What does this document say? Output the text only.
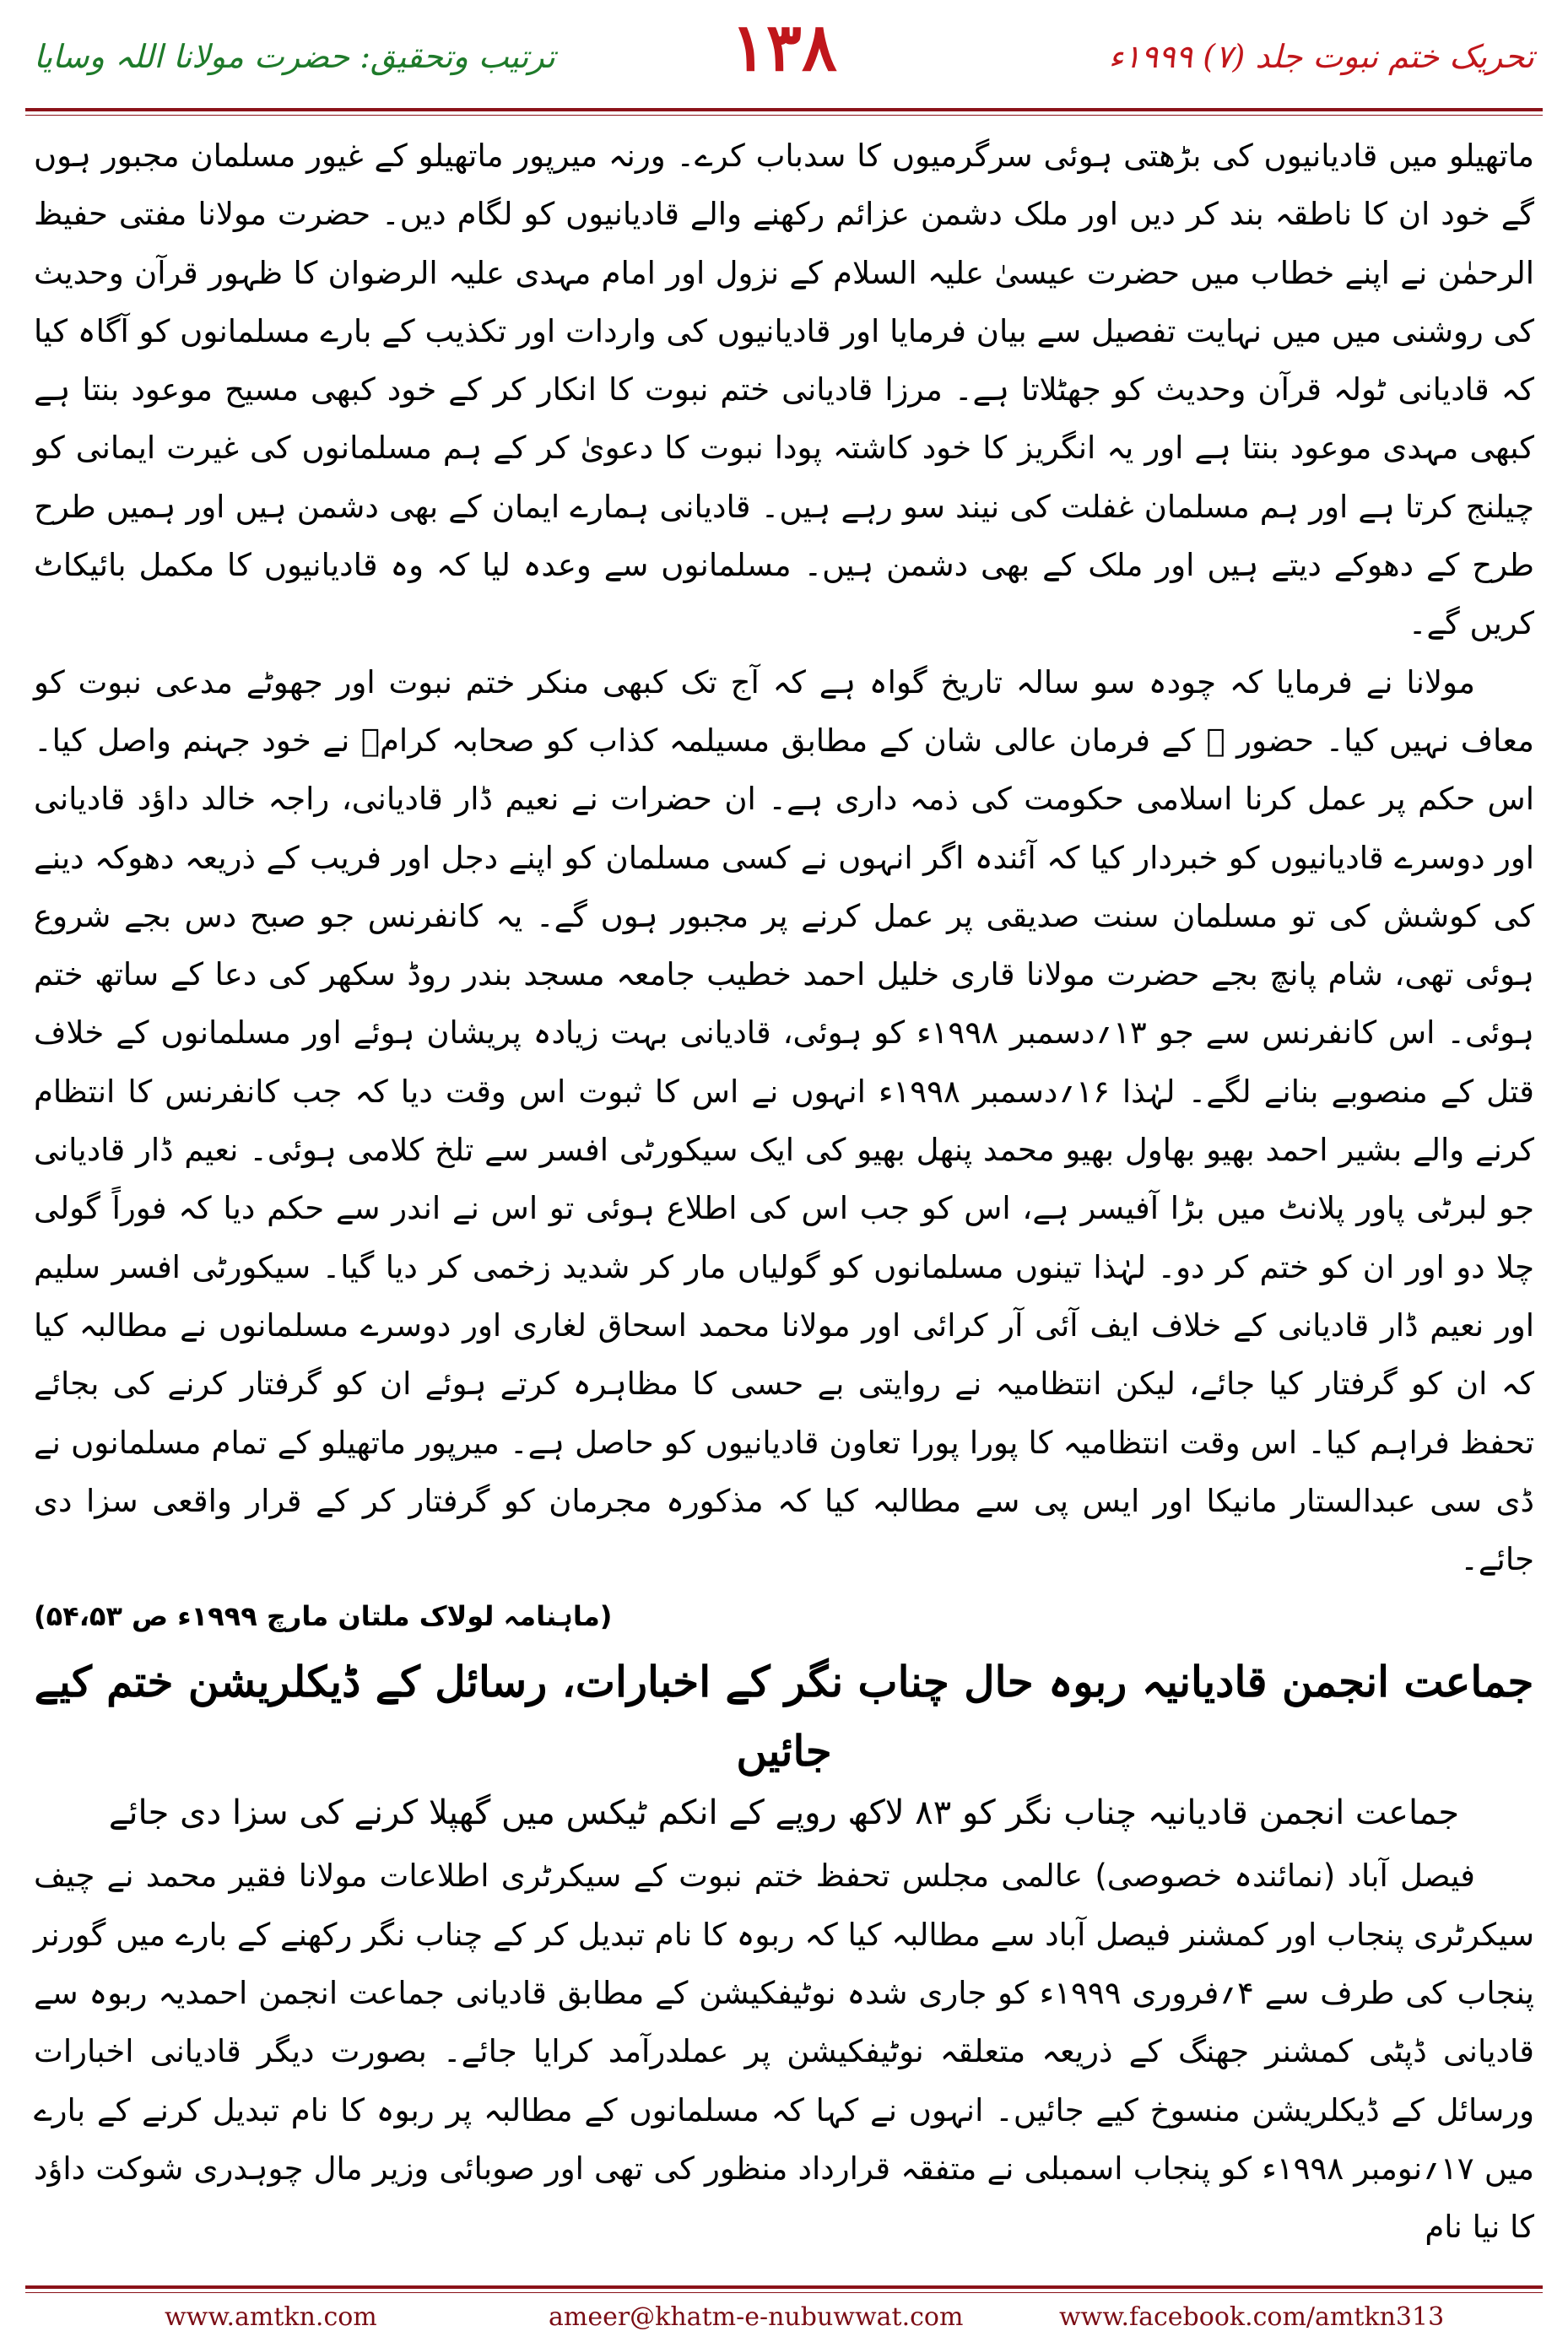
ترتیب وتحقیق: حضرت مولانا اللہ وسایا	۱۳۸	تحریک ختم نبوت جلد (۷) ۱۹۹۹ء

ماتھیلو میں قادیانیوں کی بڑھتی ہوئی سرگرمیوں کا سدباب کرے۔ ورنہ میرپور ماتھیلو کے غیور مسلمان مجبور ہوں گے خود ان کا ناطقہ بند کر دیں اور ملک دشمن عزائم رکھنے والے قادیانیوں کو لگام دیں۔ حضرت مولانا مفتی حفیظ الرحمٰن نے اپنے خطاب میں حضرت عیسیٰ علیہ السلام کے نزول اور امام مہدی علیہ الرضوان کا ظہور قرآن وحدیث کی روشنی میں میں نہایت تفصیل سے بیان فرمایا اور قادیانیوں کی واردات اور تکذیب کے بارے مسلمانوں کو آگاہ کیا کہ قادیانی ٹولہ قرآن وحدیث کو جھٹلاتا ہے۔ مرزا قادیانی ختم نبوت کا انکار کر کے خود کبھی مسیح موعود بنتا ہے کبھی مہدی موعود بنتا ہے اور یہ انگریز کا خود کاشتہ پودا نبوت کا دعویٰ کر کے ہم مسلمانوں کی غیرت ایمانی کو چیلنج کرتا ہے اور ہم مسلمان غفلت کی نیند سو رہے ہیں۔ قادیانی ہمارے ایمان کے بھی دشمن ہیں اور ہمیں طرح طرح کے دھوکے دیتے ہیں اور ملک کے بھی دشمن ہیں۔ مسلمانوں سے وعدہ لیا کہ وہ قادیانیوں کا مکمل بائیکاٹ کریں گے۔

مولانا نے فرمایا کہ چودہ سو سالہ تاریخ گواہ ہے کہ آج تک کبھی منکر ختم نبوت اور جھوٹے مدعی نبوت کو معاف نہیں کیا۔ حضور ﷺ کے فرمان عالی شان کے مطابق مسیلمہ کذاب کو صحابہ کرامؓ نے خود جہنم واصل کیا۔ اس حکم پر عمل کرنا اسلامی حکومت کی ذمہ داری ہے۔ ان حضرات نے نعیم ڈار قادیانی، راجہ خالد داؤد قادیانی اور دوسرے قادیانیوں کو خبردار کیا کہ آئندہ اگر انہوں نے کسی مسلمان کو اپنے دجل اور فریب کے ذریعہ دھوکہ دینے کی کوشش کی تو مسلمان سنت صدیقی پر عمل کرنے پر مجبور ہوں گے۔ یہ کانفرنس جو صبح دس بجے شروع ہوئی تھی، شام پانچ بجے حضرت مولانا قاری خلیل احمد خطیب جامعہ مسجد بندر روڈ سکھر کی دعا کے ساتھ ختم ہوئی۔ اس کانفرنس سے جو ۱۳؍دسمبر ۱۹۹۸ء کو ہوئی، قادیانی بہت زیادہ پریشان ہوئے اور مسلمانوں کے خلاف قتل کے منصوبے بنانے لگے۔ لہٰذا ۱۶؍دسمبر ۱۹۹۸ء انہوں نے اس کا ثبوت اس وقت دیا کہ جب کانفرنس کا انتظام کرنے والے بشیر احمد بھیو بھاول بھیو محمد پنھل بھیو کی ایک سیکورٹی افسر سے تلخ کلامی ہوئی۔ نعیم ڈار قادیانی جو لبرٹی پاور پلانٹ میں بڑا آفیسر ہے، اس کو جب اس کی اطلاع ہوئی تو اس نے اندر سے حکم دیا کہ فوراً گولی چلا دو اور ان کو ختم کر دو۔ لہٰذا تینوں مسلمانوں کو گولیاں مار کر شدید زخمی کر دیا گیا۔ سیکورٹی افسر سلیم اور نعیم ڈار قادیانی کے خلاف ایف آئی آر کرائی اور مولانا محمد اسحاق لغاری اور دوسرے مسلمانوں نے مطالبہ کیا کہ ان کو گرفتار کیا جائے، لیکن انتظامیہ نے روایتی بے حسی کا مظاہرہ کرتے ہوئے ان کو گرفتار کرنے کی بجائے تحفظ فراہم کیا۔ اس وقت انتظامیہ کا پورا پورا تعاون قادیانیوں کو حاصل ہے۔ میرپور ماتھیلو کے تمام مسلمانوں نے ڈی سی عبدالستار مانیکا اور ایس پی سے مطالبہ کیا کہ مذکورہ مجرمان کو گرفتار کر کے قرار واقعی سزا دی جائے۔

(ماہنامہ لولاک ملتان مارچ ۱۹۹۹ء ص ۵۴،۵۳)

جماعت انجمن قادیانیہ ربوہ حال چناب نگر کے اخبارات، رسائل کے ڈیکلریشن ختم کیے جائیں

جماعت انجمن قادیانیہ چناب نگر کو ۸۳ لاکھ روپے کے انکم ٹیکس میں گھپلا کرنے کی سزا دی جائے

فیصل آباد (نمائندہ خصوصی) عالمی مجلس تحفظ ختم نبوت کے سیکرٹری اطلاعات مولانا فقیر محمد نے چیف سیکرٹری پنجاب اور کمشنر فیصل آباد سے مطالبہ کیا کہ ربوہ کا نام تبدیل کر کے چناب نگر رکھنے کے بارے میں گورنر پنجاب کی طرف سے ۴؍فروری ۱۹۹۹ء کو جاری شدہ نوٹیفکیشن کے مطابق قادیانی جماعت انجمن احمدیہ ربوہ سے قادیانی ڈپٹی کمشنر جھنگ کے ذریعہ متعلقہ نوٹیفکیشن پر عملدرآمد کرایا جائے۔ بصورت دیگر قادیانی اخبارات ورسائل کے ڈیکلریشن منسوخ کیے جائیں۔ انہوں نے کہا کہ مسلمانوں کے مطالبہ پر ربوہ کا نام تبدیل کرنے کے بارے میں ۱۷؍نومبر ۱۹۹۸ء کو پنجاب اسمبلی نے متفقہ قرارداد منظور کی تھی اور صوبائی وزیر مال چوہدری شوکت داؤد کا نیا نام

www.amtkn.com	ameer@khatm-e-nubuwwat.com	www.facebook.com/amtkn313
